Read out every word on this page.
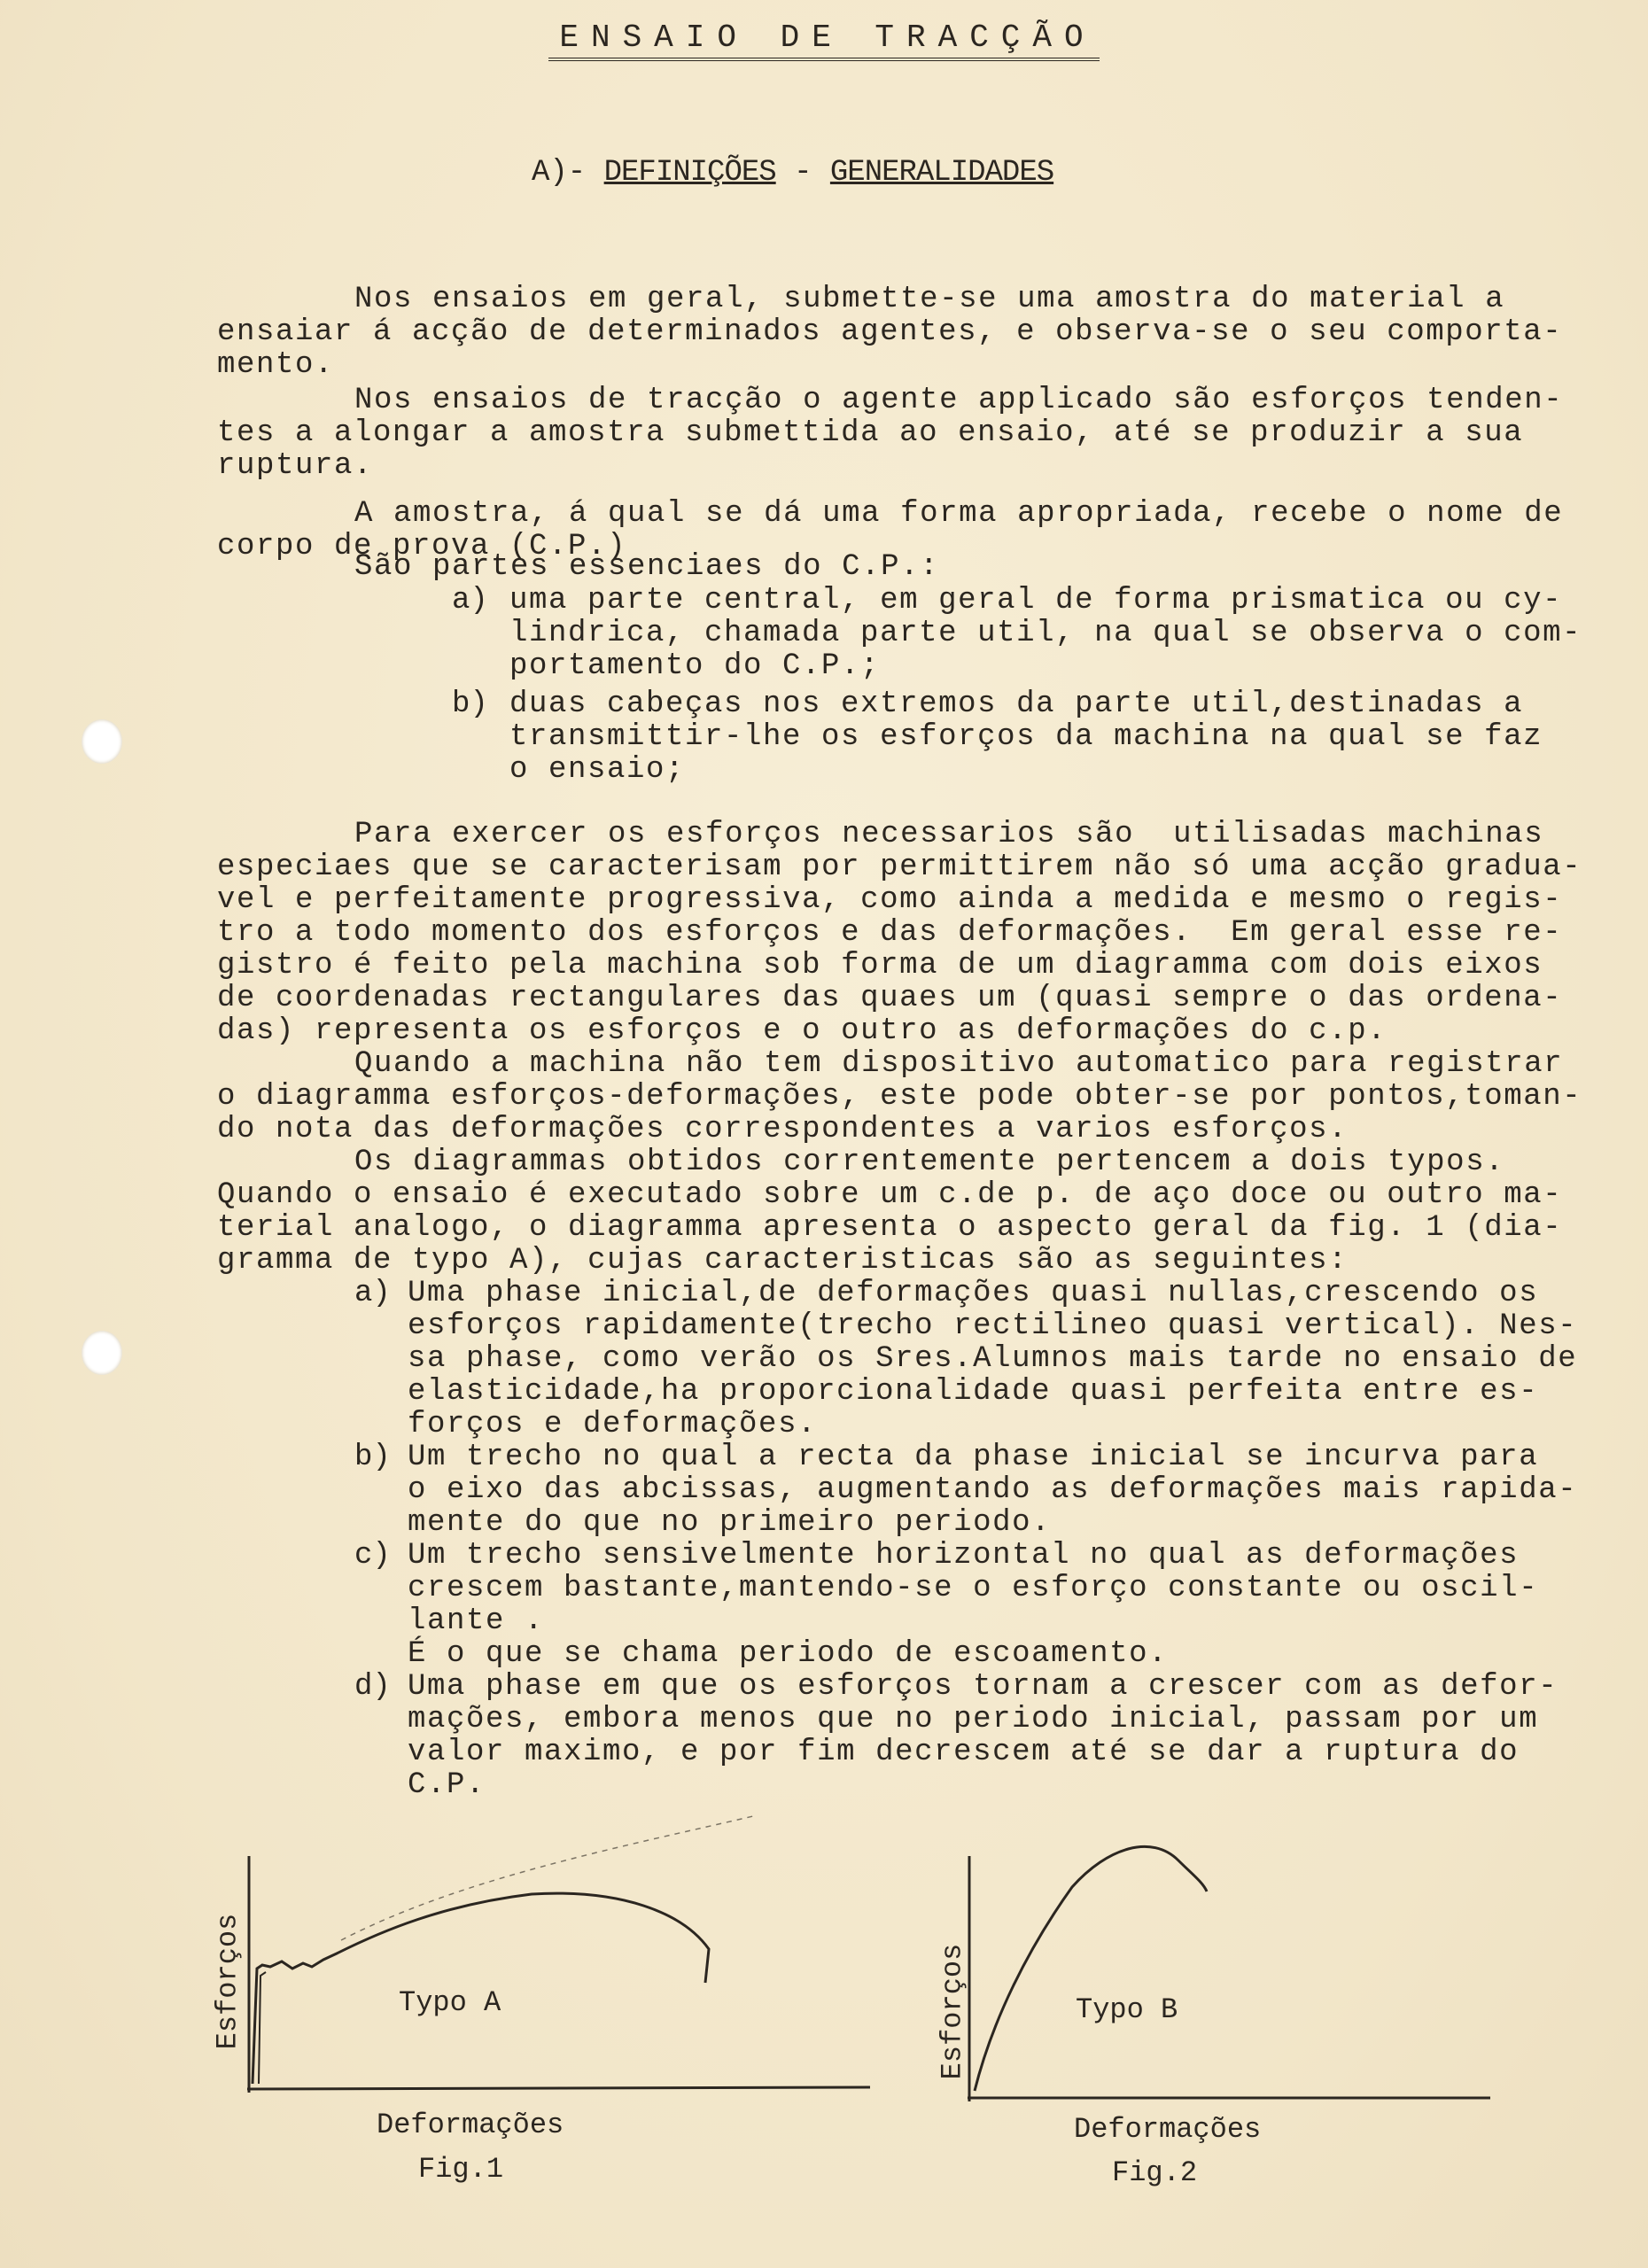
ENSAIO DE TRACÇÃO
A)- DEFINIÇÕES - GENERALIDADES
Nos ensaios em geral, submette-se uma amostra do material a
ensaiar á acção de determinados agentes, e observa-se o seu comporta-
mento.
Nos ensaios de tracção o agente applicado são esforços tenden-
tes a alongar a amostra submettida ao ensaio, até se produzir a sua
ruptura.
A amostra, á qual se dá uma forma apropriada, recebe o nome de
corpo de prova (C.P.)
São partes essenciaes do C.P.:
a) uma parte central, em geral de forma prismatica ou cy-
lindrica, chamada parte util, na qual se observa o com-
portamento do C.P.;
b) duas cabeças nos extremos da parte util,destinadas a
transmittir-lhe os esforços da machina na qual se faz
o ensaio;
Para exercer os esforços necessarios são  utilisadas machinas
especiaes que se caracterisam por permittirem não só uma acção gradua-
vel e perfeitamente progressiva, como ainda a medida e mesmo o regis-
tro a todo momento dos esforços e das deformações.  Em geral esse re-
gistro é feito pela machina sob forma de um diagramma com dois eixos
de coordenadas rectangulares das quaes um (quasi sempre o das ordena-
das) representa os esforços e o outro as deformações do c.p.
Quando a machina não tem dispositivo automatico para registrar
o diagramma esforços-deformações, este pode obter-se por pontos,toman-
do nota das deformações correspondentes a varios esforços.
Os diagrammas obtidos correntemente pertencem a dois typos.
Quando o ensaio é executado sobre um c.de p. de aço doce ou outro ma-
terial analogo, o diagramma apresenta o aspecto geral da fig. 1 (dia-
gramma de typo A), cujas caracteristicas são as seguintes:
a) Uma phase inicial,de deformações quasi nullas,crescendo os
esforços rapidamente(trecho rectilineo quasi vertical). Nes-
sa phase, como verão os Sres.Alumnos mais tarde no ensaio de
elasticidade,ha proporcionalidade quasi perfeita entre es-
forços e deformações.
b) Um trecho no qual a recta da phase inicial se incurva para
o eixo das abcissas, augmentando as deformações mais rapida-
mente do que no primeiro periodo.
c) Um trecho sensivelmente horizontal no qual as deformações
crescem bastante,mantendo-se o esforço constante ou oscil-
lante .
É o que se chama periodo de escoamento.
d) Uma phase em que os esforços tornam a crescer com as defor-
mações, embora menos que no periodo inicial, passam por um
valor maximo, e por fim decrescem até se dar a ruptura do
C.P.
Esforços	Typo A
Deformações
Fig.1
Esforços	Typo B
Deformações
Fig.2
